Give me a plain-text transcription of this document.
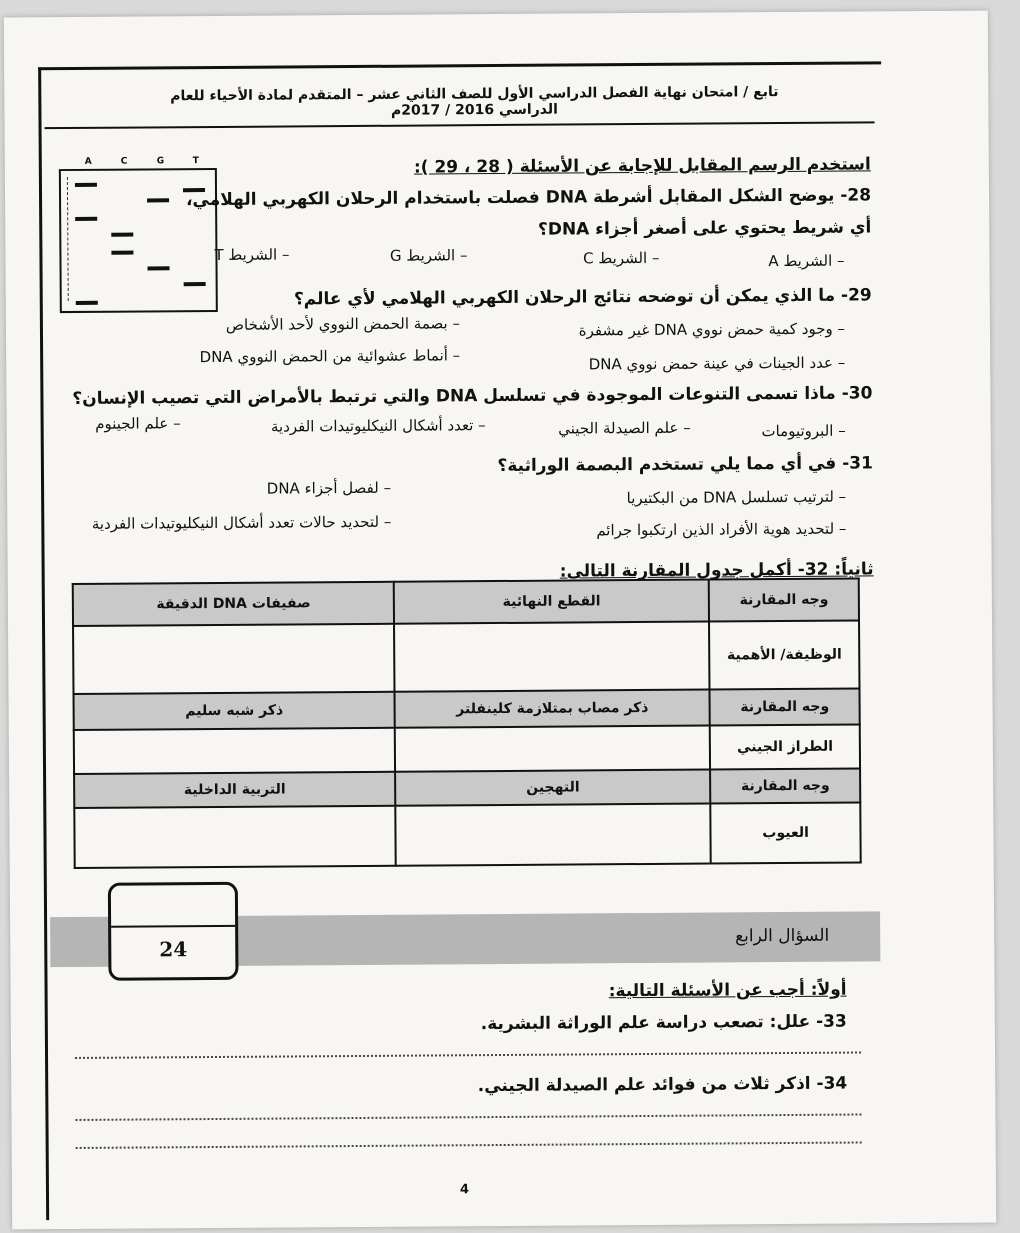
تابع / امتحان نهاية الفصل الدراسي الأول للصف الثاني عشر – المتقدم لمادة الأحياء للعام الدراسي 2016 / 2017م
A	C	G	T	استخدم الرسم المقابل للإجابة عن الأسئلة ( 28 ، 29 ):
28- يوضح الشكل المقابل أشرطة DNA فصلت باستخدام الرحلان الكهربي الهلامي،
أي شريط يحتوي على أصغر أجزاء DNA؟
– الشريط A
– الشريط C
– الشريط G
– الشريط T
29- ما الذي يمكن أن توضحه نتائج الرحلان الكهربي الهلامي لأي عالم؟
– وجود كمية حمض نووي DNA غير مشفرة
– بصمة الحمض النووي لأحد الأشخاص
– عدد الجينات في عينة حمض نووي DNA
– أنماط عشوائية من الحمض النووي DNA
30- ماذا تسمى التنوعات الموجودة في تسلسل DNA والتي ترتبط بالأمراض التي تصيب الإنسان؟
– البروتيومات
– علم الصيدلة الجيني
– تعدد أشكال النيكليوتيدات الفردية
– علم الجينوم
31- في أي مما يلي تستخدم البصمة الوراثية؟
– لترتيب تسلسل DNA من البكتيريا
– لفصل أجزاء DNA
– لتحديد هوية الأفراد الذين ارتكبوا جرائم
– لتحديد حالات تعدد أشكال النيكليوتيدات الفردية
ثانياً: 32- أكمل جدول المقارنة التالي:
وجه المقارنة	القطع النهائية	صفيفات DNA الدقيقة
الوظيفة/ الأهمية		
وجه المقارنة	ذكر مصاب بمتلازمة كلينفلتر	ذكر شبه سليم
الطراز الجيني		
وجه المقارنة	التهجين	التربية الداخلية
العيوب		
السؤال الرابع
24
أولاً: أجب عن الأسئلة التالية:
33- علل: تصعب دراسة علم الوراثة البشرية.
34- اذكر ثلاث من فوائد علم الصيدلة الجيني.
4
